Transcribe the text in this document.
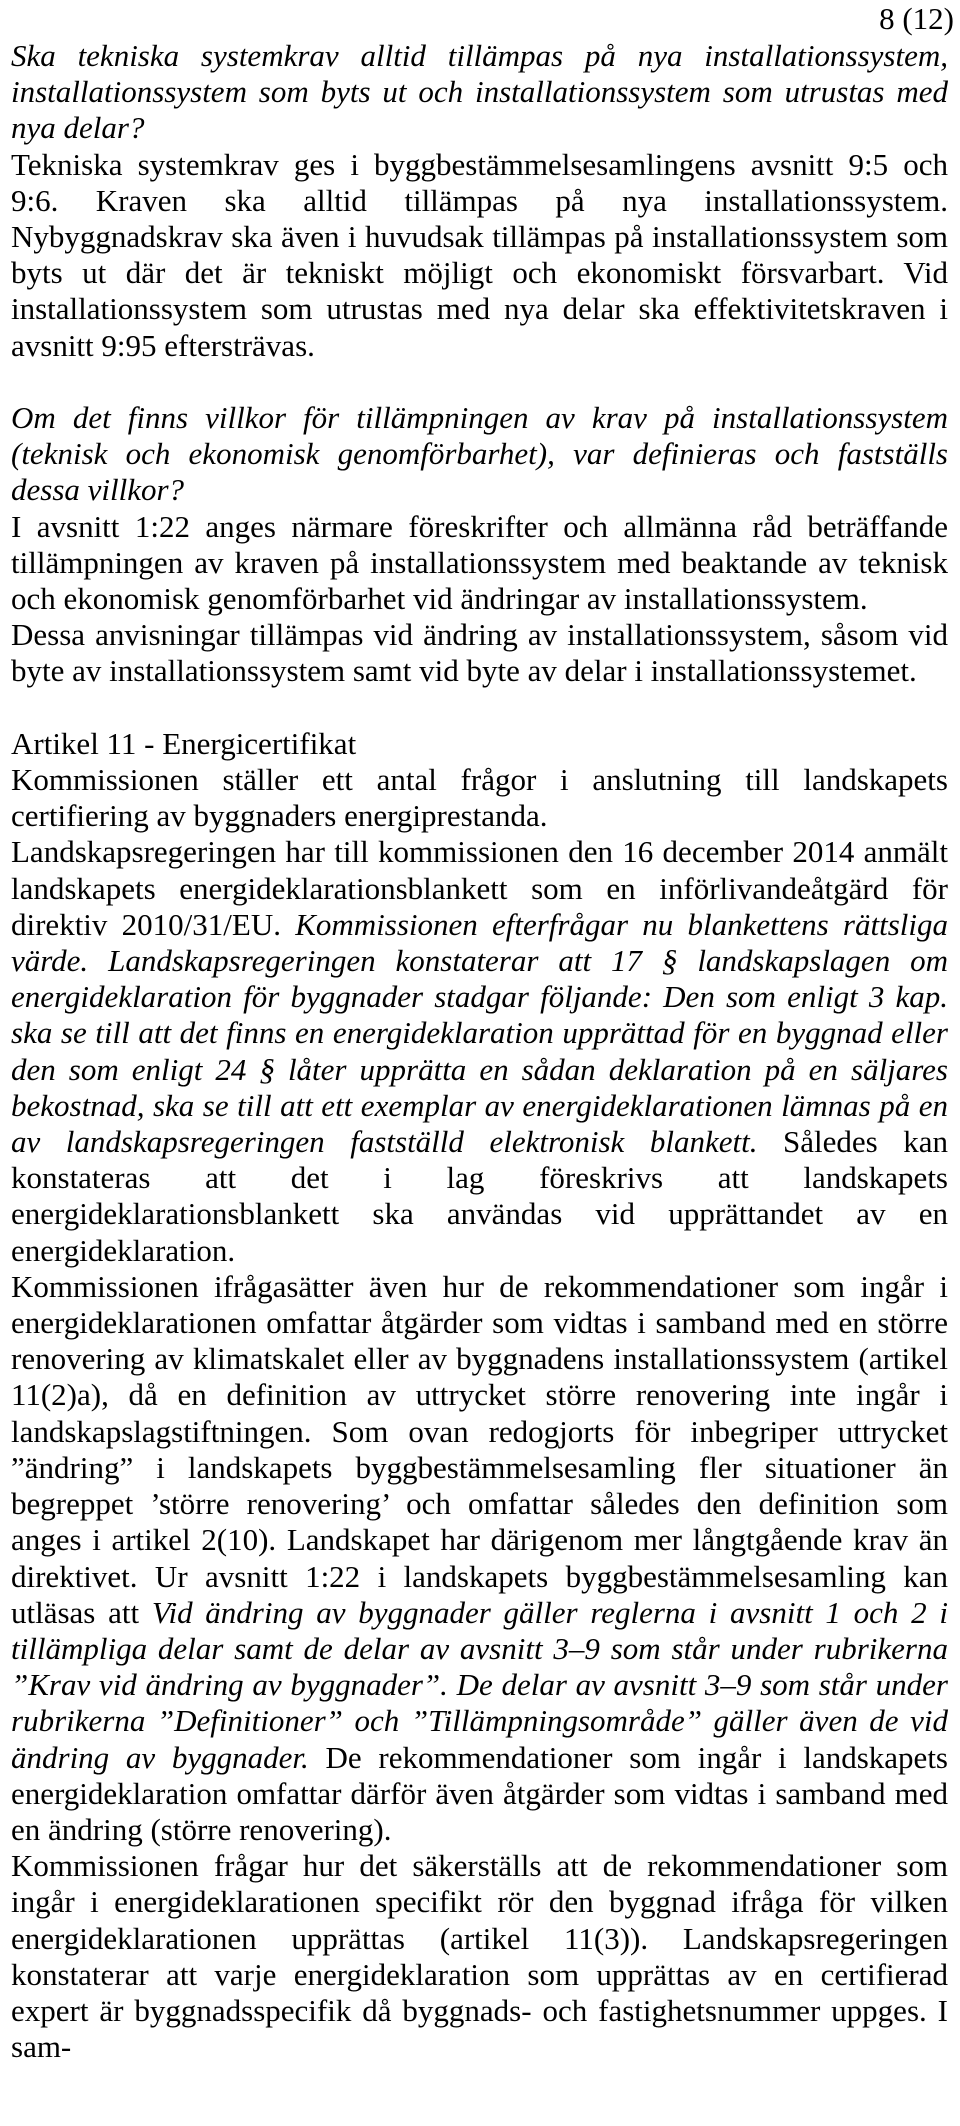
8 (12)

Ska tekniska systemkrav alltid tillämpas på nya installationssystem, installationssystem som byts ut och installationssystem som utrustas med nya delar?

Tekniska systemkrav ges i byggbestämmelsesamlingens avsnitt 9:5 och 9:6. Kraven ska alltid tillämpas på nya installationssystem. Nybyggnadskrav ska även i huvudsak tillämpas på installationssystem som byts ut där det är tekniskt möjligt och ekonomiskt försvarbart. Vid installationssystem som utrustas med nya delar ska effektivitetskraven i avsnitt 9:95 eftersträvas.

Om det finns villkor för tillämpningen av krav på installationssystem (teknisk och ekonomisk genomförbarhet), var definieras och fastställs dessa villkor?

I avsnitt 1:22 anges närmare föreskrifter och allmänna råd beträffande tillämpningen av kraven på installationssystem med beaktande av teknisk och ekonomisk genomförbarhet vid ändringar av installationssystem.

Dessa anvisningar tillämpas vid ändring av installationssystem, såsom vid byte av installationssystem samt vid byte av delar i installationssystemet.

Artikel 11 - Energicertifikat

Kommissionen ställer ett antal frågor i anslutning till landskapets certifiering av byggnaders energiprestanda.

Landskapsregeringen har till kommissionen den 16 december 2014 anmält landskapets energideklarationsblankett som en införlivandeåtgärd för direktiv 2010/31/EU. Kommissionen efterfrågar nu blankettens rättsliga värde. Landskapsregeringen konstaterar att 17 § landskapslagen om energideklaration för byggnader stadgar följande: Den som enligt 3 kap. ska se till att det finns en energideklaration upprättad för en byggnad eller den som enligt 24 § låter upprätta en sådan deklaration på en säljares bekostnad, ska se till att ett exemplar av energideklarationen lämnas på en av landskapsregeringen fastställd elektronisk blankett. Således kan konstateras att det i lag föreskrivs att landskapets energideklarationsblankett ska användas vid upprättandet av en energideklaration.

Kommissionen ifrågasätter även hur de rekommendationer som ingår i energideklarationen omfattar åtgärder som vidtas i samband med en större renovering av klimatskalet eller av byggnadens installationssystem (artikel 11(2)a), då en definition av uttrycket större renovering inte ingår i landskapslagstiftningen. Som ovan redogjorts för inbegriper uttrycket ”ändring” i landskapets byggbestämmelsesamling fler situationer än begreppet ’större renovering’ och omfattar således den definition som anges i artikel 2(10). Landskapet har därigenom mer långtgående krav än direktivet. Ur avsnitt 1:22 i landskapets byggbestämmelsesamling kan utläsas att Vid ändring av byggnader gäller reglerna i avsnitt 1 och 2 i tillämpliga delar samt de delar av avsnitt 3–9 som står under rubrikerna ”Krav vid ändring av byggnader”. De delar av avsnitt 3–9 som står under rubrikerna ”Definitioner” och ”Tillämpningsområde” gäller även de vid ändring av byggnader. De rekommendationer som ingår i landskapets energideklaration omfattar därför även åtgärder som vidtas i samband med en ändring (större renovering).

Kommissionen frågar hur det säkerställs att de rekommendationer som ingår i energideklarationen specifikt rör den byggnad ifråga för vilken energideklarationen upprättas (artikel 11(3)). Landskapsregeringen konstaterar att varje energideklaration som upprättas av en certifierad expert är byggnadsspecifik då byggnads- och fastighetsnummer uppges. I sam-
